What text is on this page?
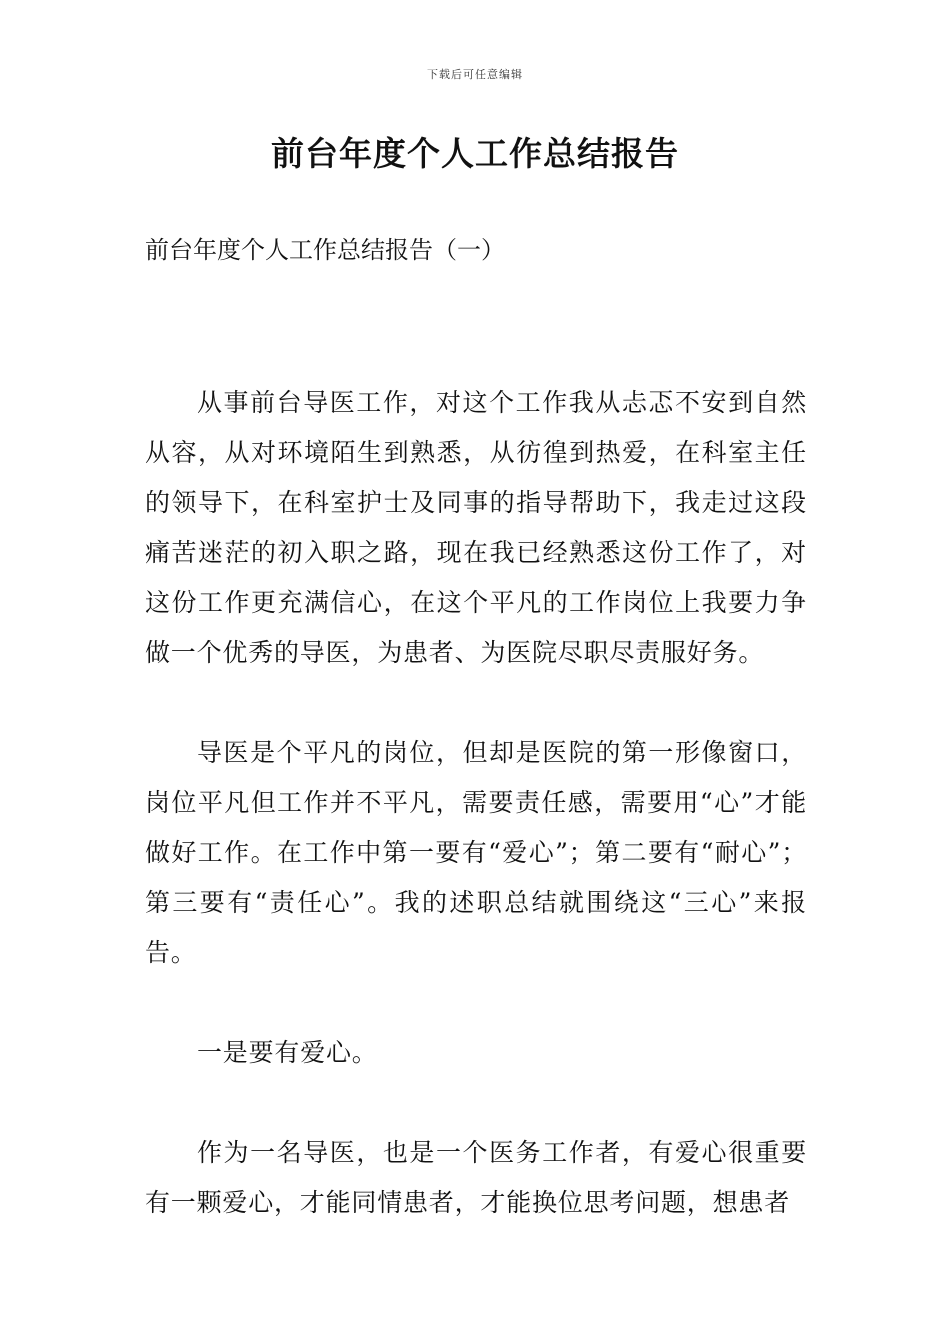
下载后可任意编辑
前台年度个人工作总结报告

前台年度个人工作总结报告（一）

从事前台导医工作，对这个工作我从忐忑不安到自然从容，从对环境陌生到熟悉，从彷徨到热爱，在科室主任的领导下，在科室护士及同事的指导帮助下，我走过这段痛苦迷茫的初入职之路，现在我已经熟悉这份工作了，对这份工作更充满信心，在这个平凡的工作岗位上我要力争做一个优秀的导医，为患者、为医院尽职尽责服好务。

导医是个平凡的岗位，但却是医院的第一形像窗口，岗位平凡但工作并不平凡，需要责任感，需要用“心”才能做好工作。在工作中第一要有“爱心”；第二要有“耐心”；第三要有“责任心”。我的述职总结就围绕这“三心”来报告。

一是要有爱心。

作为一名导医，也是一个医务工作者，有爱心很重要有一颗爱心，才能同情患者，才能换位思考问题，想患者
